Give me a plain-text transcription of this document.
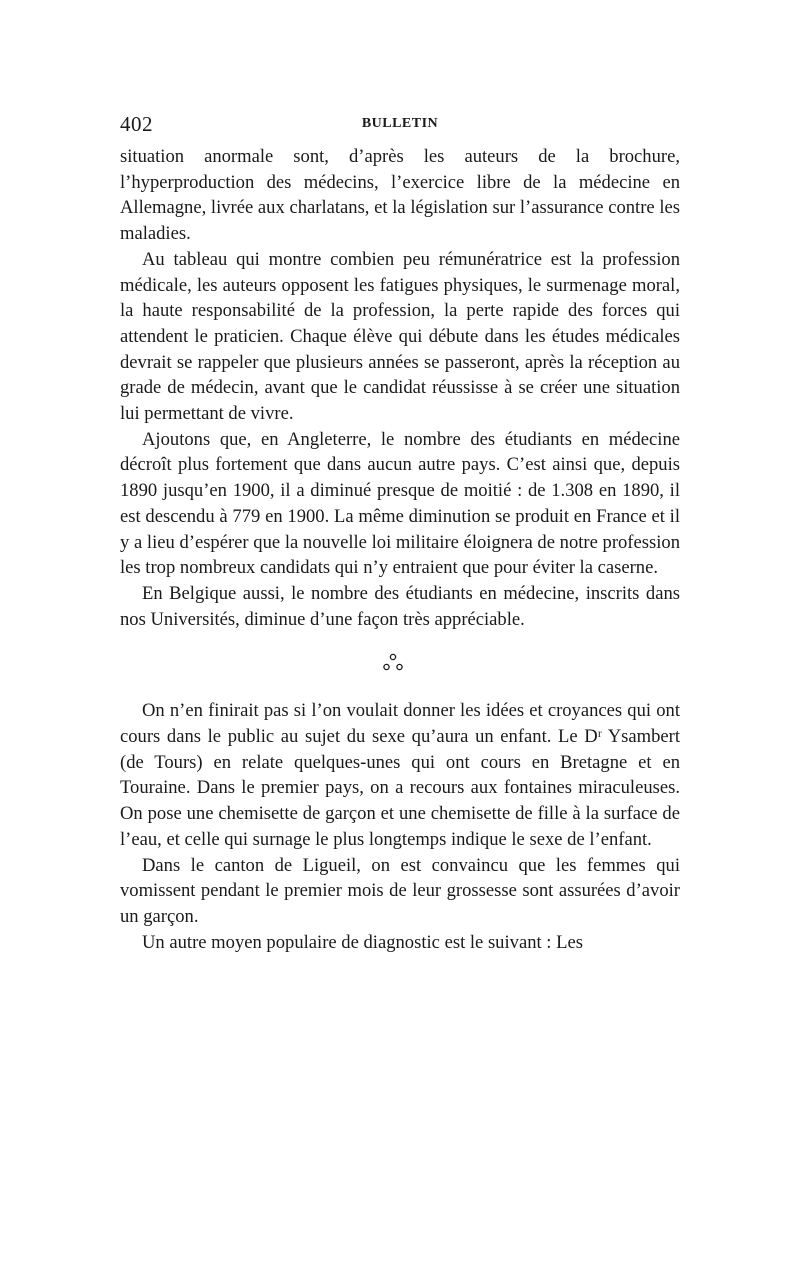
402	BULLETIN

situation anormale sont, d’après les auteurs de la brochure, l’hyperproduction des médecins, l’exercice libre de la médecine en Allemagne, livrée aux charlatans, et la législation sur l’assurance contre les maladies.

Au tableau qui montre combien peu rémunératrice est la profession médicale, les auteurs opposent les fatigues physiques, le surmenage moral, la haute responsabilité de la profession, la perte rapide des forces qui attendent le praticien. Chaque élève qui débute dans les études médicales devrait se rappeler que plusieurs années se passeront, après la réception au grade de médecin, avant que le candidat réussisse à se créer une situation lui permettant de vivre.

Ajoutons que, en Angleterre, le nombre des étudiants en médecine décroît plus fortement que dans aucun autre pays. C’est ainsi que, depuis 1890 jusqu’en 1900, il a diminué presque de moitié : de 1.308 en 1890, il est descendu à 779 en 1900. La même diminution se produit en France et il y a lieu d’espérer que la nouvelle loi militaire éloignera de notre profession les trop nombreux candidats qui n’y entraient que pour éviter la caserne.

En Belgique aussi, le nombre des étudiants en médecine, inscrits dans nos Universités, diminue d’une façon très appréciable.

On n’en finirait pas si l’on voulait donner les idées et croyances qui ont cours dans le public au sujet du sexe qu’aura un enfant. Le Dʳ Ysambert (de Tours) en relate quelques-unes qui ont cours en Bretagne et en Touraine. Dans le premier pays, on a recours aux fontaines miraculeuses. On pose une chemisette de garçon et une chemisette de fille à la surface de l’eau, et celle qui surnage le plus longtemps indique le sexe de l’enfant.

Dans le canton de Ligueil, on est convaincu que les femmes qui vomissent pendant le premier mois de leur grossesse sont assurées d’avoir un garçon.

Un autre moyen populaire de diagnostic est le suivant : Les
